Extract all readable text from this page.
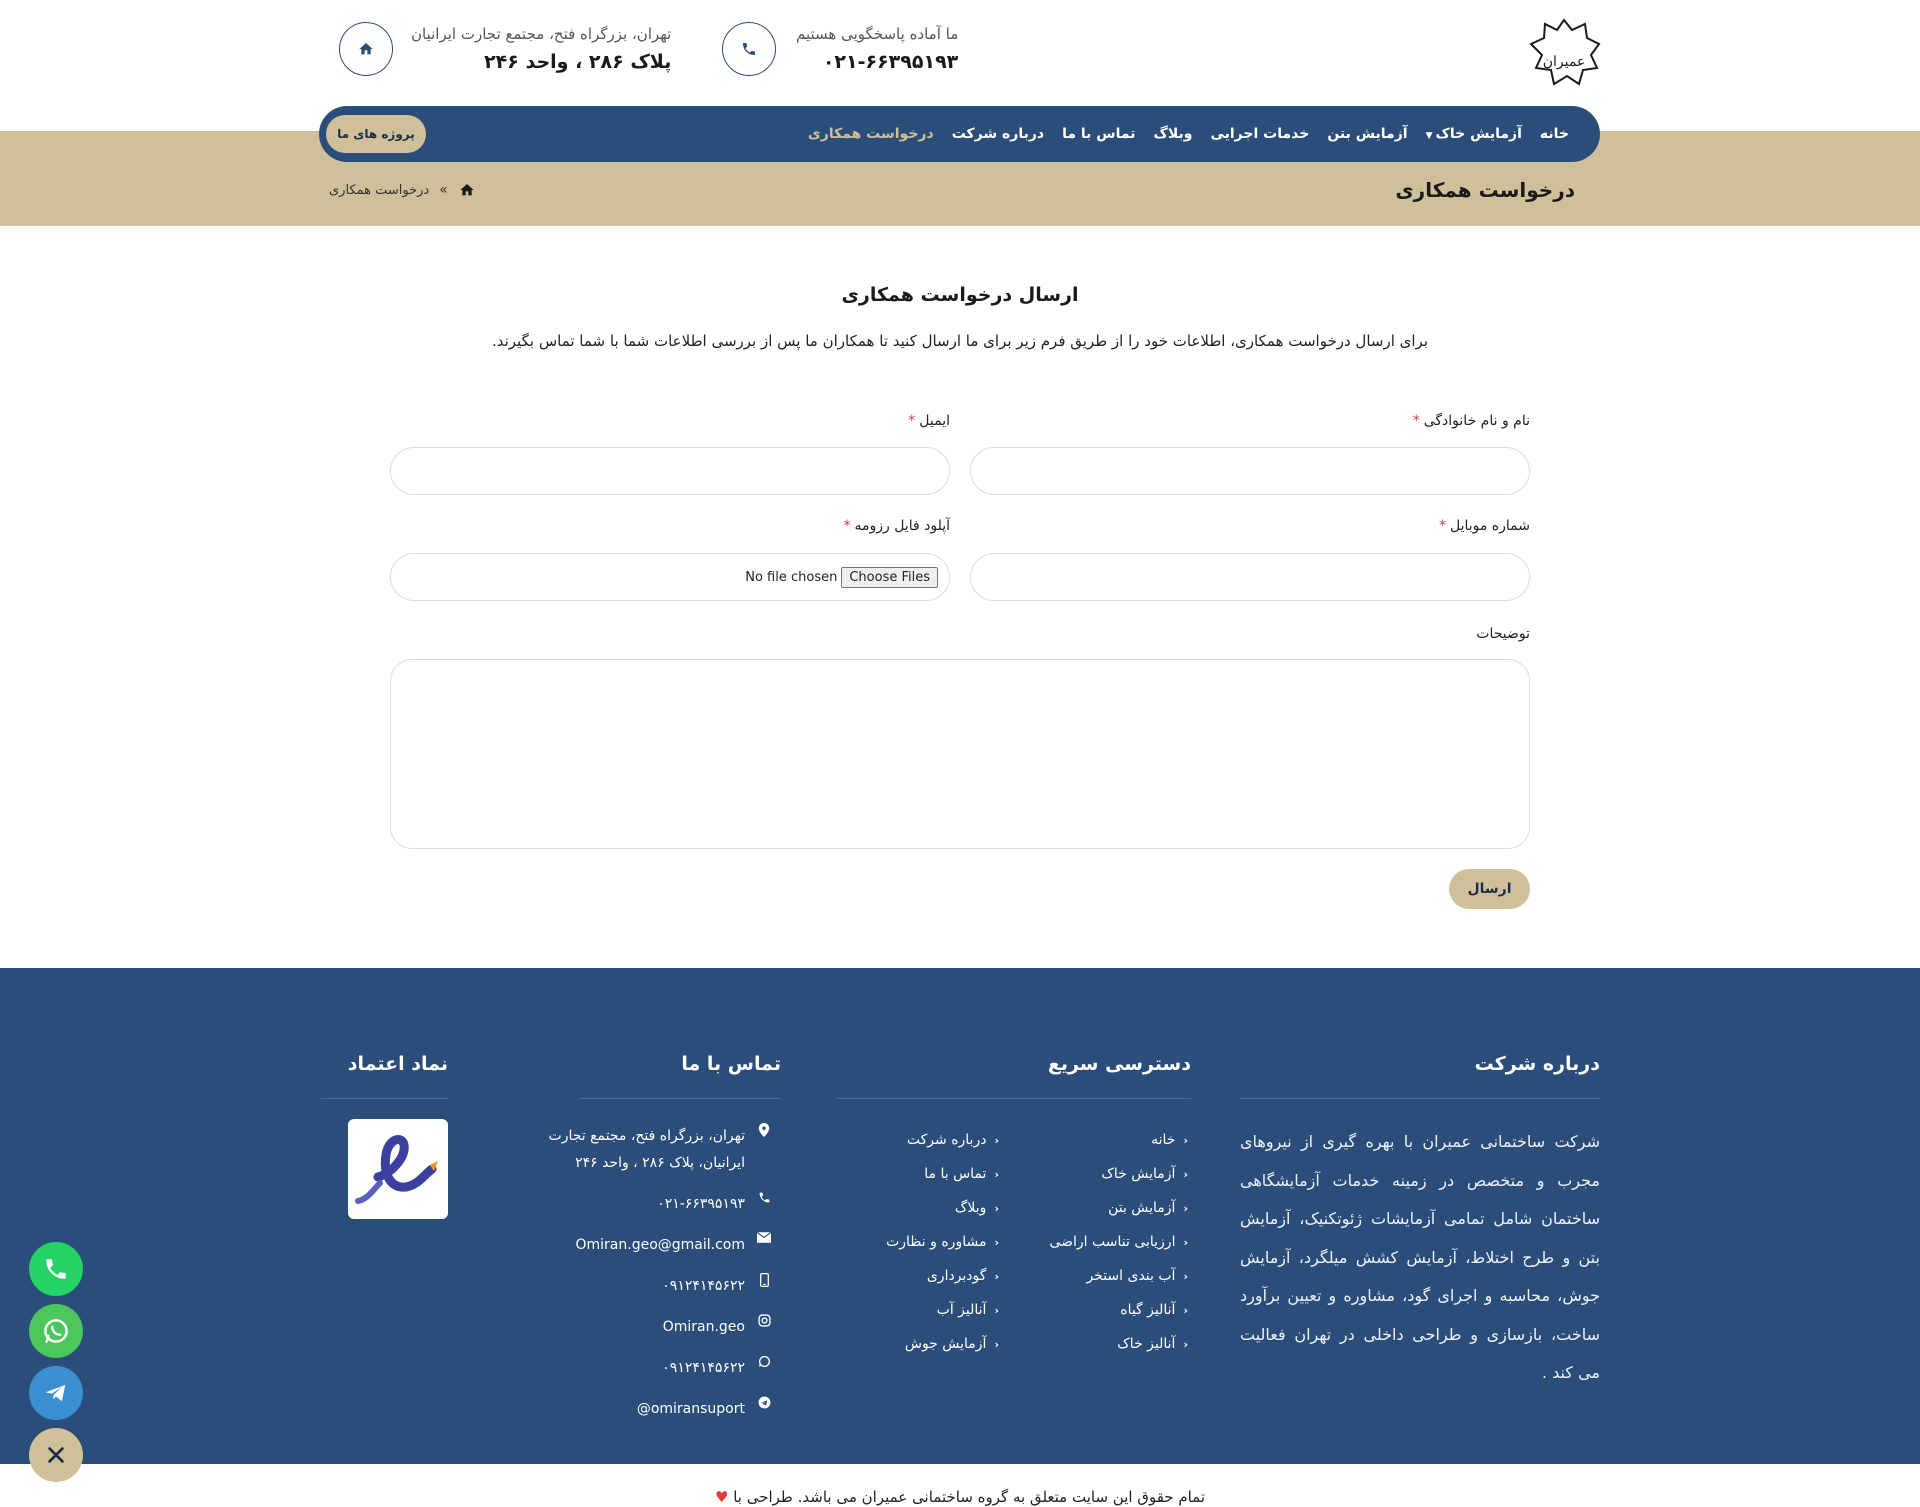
عمیران
ما آماده پاسخگویی هستیم
۰۲۱-۶۶۳۹۵۱۹۳
تهران، بزرگراه فتح، مجتمع تجارت ایرانیان
پلاک ۲۸۶ ، واحد ۲۴۶
خانه
آزمایش خاک▼
آزمایش بتن
خدمات اجرایی
وبلاگ
تماس با ما
درباره شرکت
درخواست همکاری
پروژه های ما
درخواست همکاری
»
درخواست همکاری
ارسال درخواست همکاری
برای ارسال درخواست همکاری، اطلاعات خود را از طریق فرم زیر برای ما ارسال کنید تا همکاران ما پس از بررسی اطلاعات شما با شما تماس بگیرند.
نام و نام خانوادگی*
ایمیل*
شماره موبایل*
آپلود فایل رزومه*
No file chosen Choose Files
توضیحات
ارسال
درباره شرکت
شرکت ساختمانی عمیران با بهره گیری از نیروهای مجرب و متخصص در زمینه خدمات آزمایشگاهی ساختمان شامل تمامی آزمایشات ژئوتکنیک، آزمایش بتن و طرح اختلاط، آزمایش کشش میلگرد، آزمایش جوش، محاسبه و اجرای گود، مشاوره و تعیین برآورد ساخت، بازسازی و طراحی داخلی در تهران فعالیت می کند .
دسترسی سریع
‹
خانه
‹
آزمایش خاک
‹
آزمایش بتن
‹
ارزیابی تناسب اراضی
‹
آب بندی استخر
‹
آنالیز گیاه
‹
آنالیز خاک
‹
درباره شرکت
‹
تماس با ما
‹
وبلاگ
‹
مشاوره و نظارت
‹
گودبرداری
‹
آنالیز آب
‹
آزمایش جوش
تماس با ما
تهران، بزرگراه فتح، مجتمع تجارت ایرانیان، پلاک ۲۸۶ ، واحد ۲۴۶
۰۲۱-۶۶۳۹۵۱۹۳
Omiran.geo@gmail.com
۰۹۱۲۴۱۴۵۶۲۲
Omiran.geo
۰۹۱۲۴۱۴۵۶۲۲
@omiransuport
نماد اعتماد
تمام حقوق این سایت متعلق به گروه ساختمانی عمیران می باشد. طراحی با ♥
